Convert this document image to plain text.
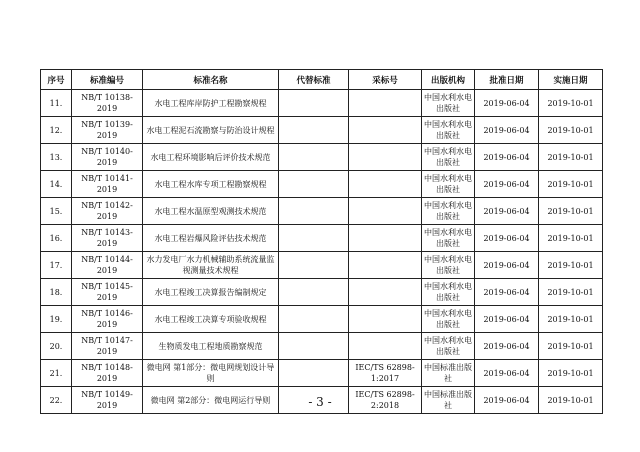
序号	标准编号	标准名称	代替标准	采标号	出版机构	批准日期	实施日期
11.	NB/T 10138-2019	水电工程库岸防护工程勘察规程			中国水利水电出版社	2019-06-04	2019-10-01
12.	NB/T 10139-2019	水电工程泥石流勘察与防治设计规程			中国水利水电出版社	2019-06-04	2019-10-01
13.	NB/T 10140-2019	水电工程环境影响后评价技术规范			中国水利水电出版社	2019-06-04	2019-10-01
14.	NB/T 10141-2019	水电工程水库专项工程勘察规程			中国水利水电出版社	2019-06-04	2019-10-01
15.	NB/T 10142-2019	水电工程水温原型观测技术规范			中国水利水电出版社	2019-06-04	2019-10-01
16.	NB/T 10143-2019	水电工程岩爆风险评估技术规范			中国水利水电出版社	2019-06-04	2019-10-01
17.	NB/T 10144-2019	水力发电厂水力机械辅助系统流量监视测量技术规程			中国水利水电出版社	2019-06-04	2019-10-01
18.	NB/T 10145-2019	水电工程竣工决算报告编制规定			中国水利水电出版社	2019-06-04	2019-10-01
19.	NB/T 10146-2019	水电工程竣工决算专项验收规程			中国水利水电出版社	2019-06-04	2019-10-01
20.	NB/T 10147-2019	生物质发电工程地质勘察规范			中国水利水电出版社	2019-06-04	2019-10-01
21.	NB/T 10148-2019	微电网 第1部分：微电网规划设计导则		IEC/TS 62898-1:2017	中国标准出版社	2019-06-04	2019-10-01
22.	NB/T 10149-2019	微电网 第2部分：微电网运行导则		IEC/TS 62898-2:2018	中国标准出版社	2019-06-04	2019-10-01
- 3 -
